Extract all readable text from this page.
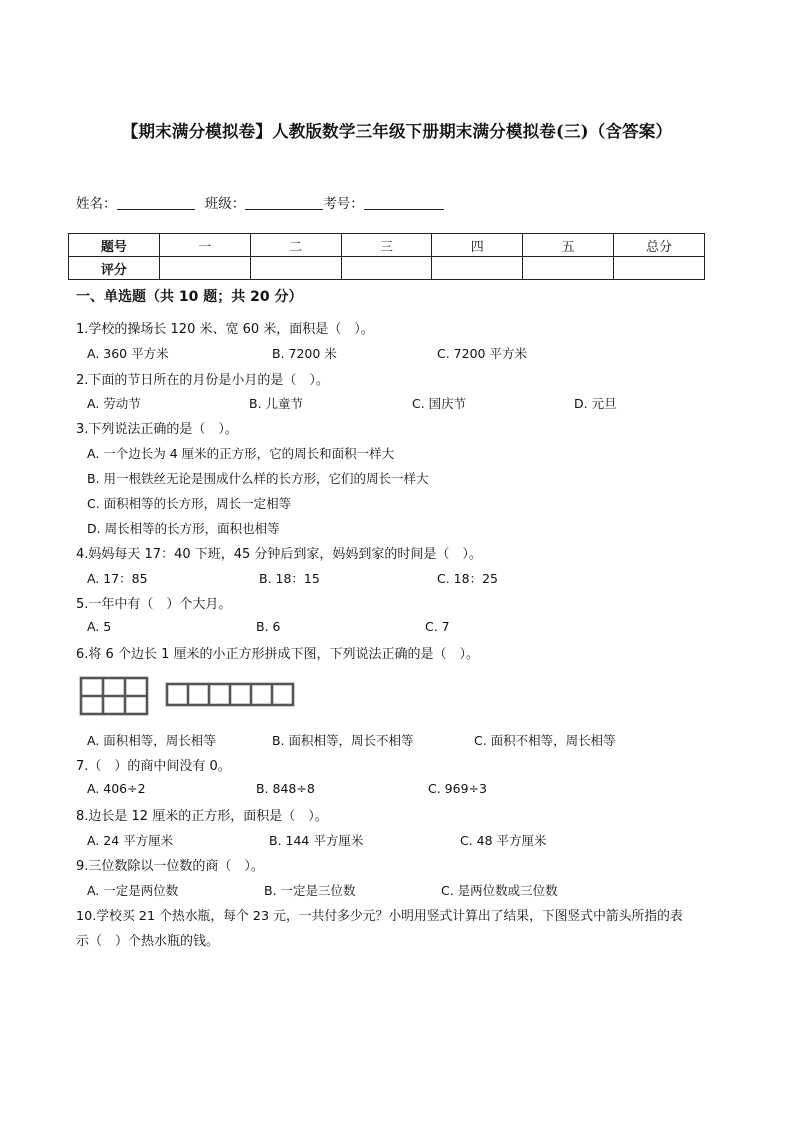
【期末满分模拟卷】人教版数学三年级下册期末满分模拟卷(三)（含答案）
姓名：	班级：	考号：
题号	一	二	三	四	五	总分
评分						
一、单选题（共 10 题；共 20 分）
1.学校的操场长 120 米、宽 60 米，面积是（　）。
A. 360 平方米	B. 7200 米	C. 7200 平方米
2.下面的节日所在的月份是小月的是（　）。
A. 劳动节	B. 儿童节	C. 国庆节	D. 元旦
3.下列说法正确的是（　）。
A. 一个边长为 4 厘米的正方形，它的周长和面积一样大
B. 用一根铁丝无论是围成什么样的长方形，它们的周长一样大
C. 面积相等的长方形，周长一定相等
D. 周长相等的长方形，面积也相等
4.妈妈每天 17：40 下班，45 分钟后到家，妈妈到家的时间是（　）。
A. 17：85	B. 18：15	C. 18：25
5.一年中有（　）个大月。
A. 5	B. 6	C. 7
6.将 6 个边长 1 厘米的小正方形拼成下图，下列说法正确的是（　）。
A. 面积相等，周长相等	B. 面积相等，周长不相等	C. 面积不相等，周长相等
7.（　）的商中间没有 0。
A. 406÷2	B. 848÷8	C. 969÷3
8.边长是 12 厘米的正方形，面积是（　）。
A. 24 平方厘米	B. 144 平方厘米	C. 48 平方厘米
9.三位数除以一位数的商（　）。
A. 一定是两位数	B. 一定是三位数	C. 是两位数或三位数
10.学校买 21 个热水瓶，每个 23 元，一共付多少元？小明用竖式计算出了结果，下图竖式中箭头所指的表
示（　）个热水瓶的钱。
